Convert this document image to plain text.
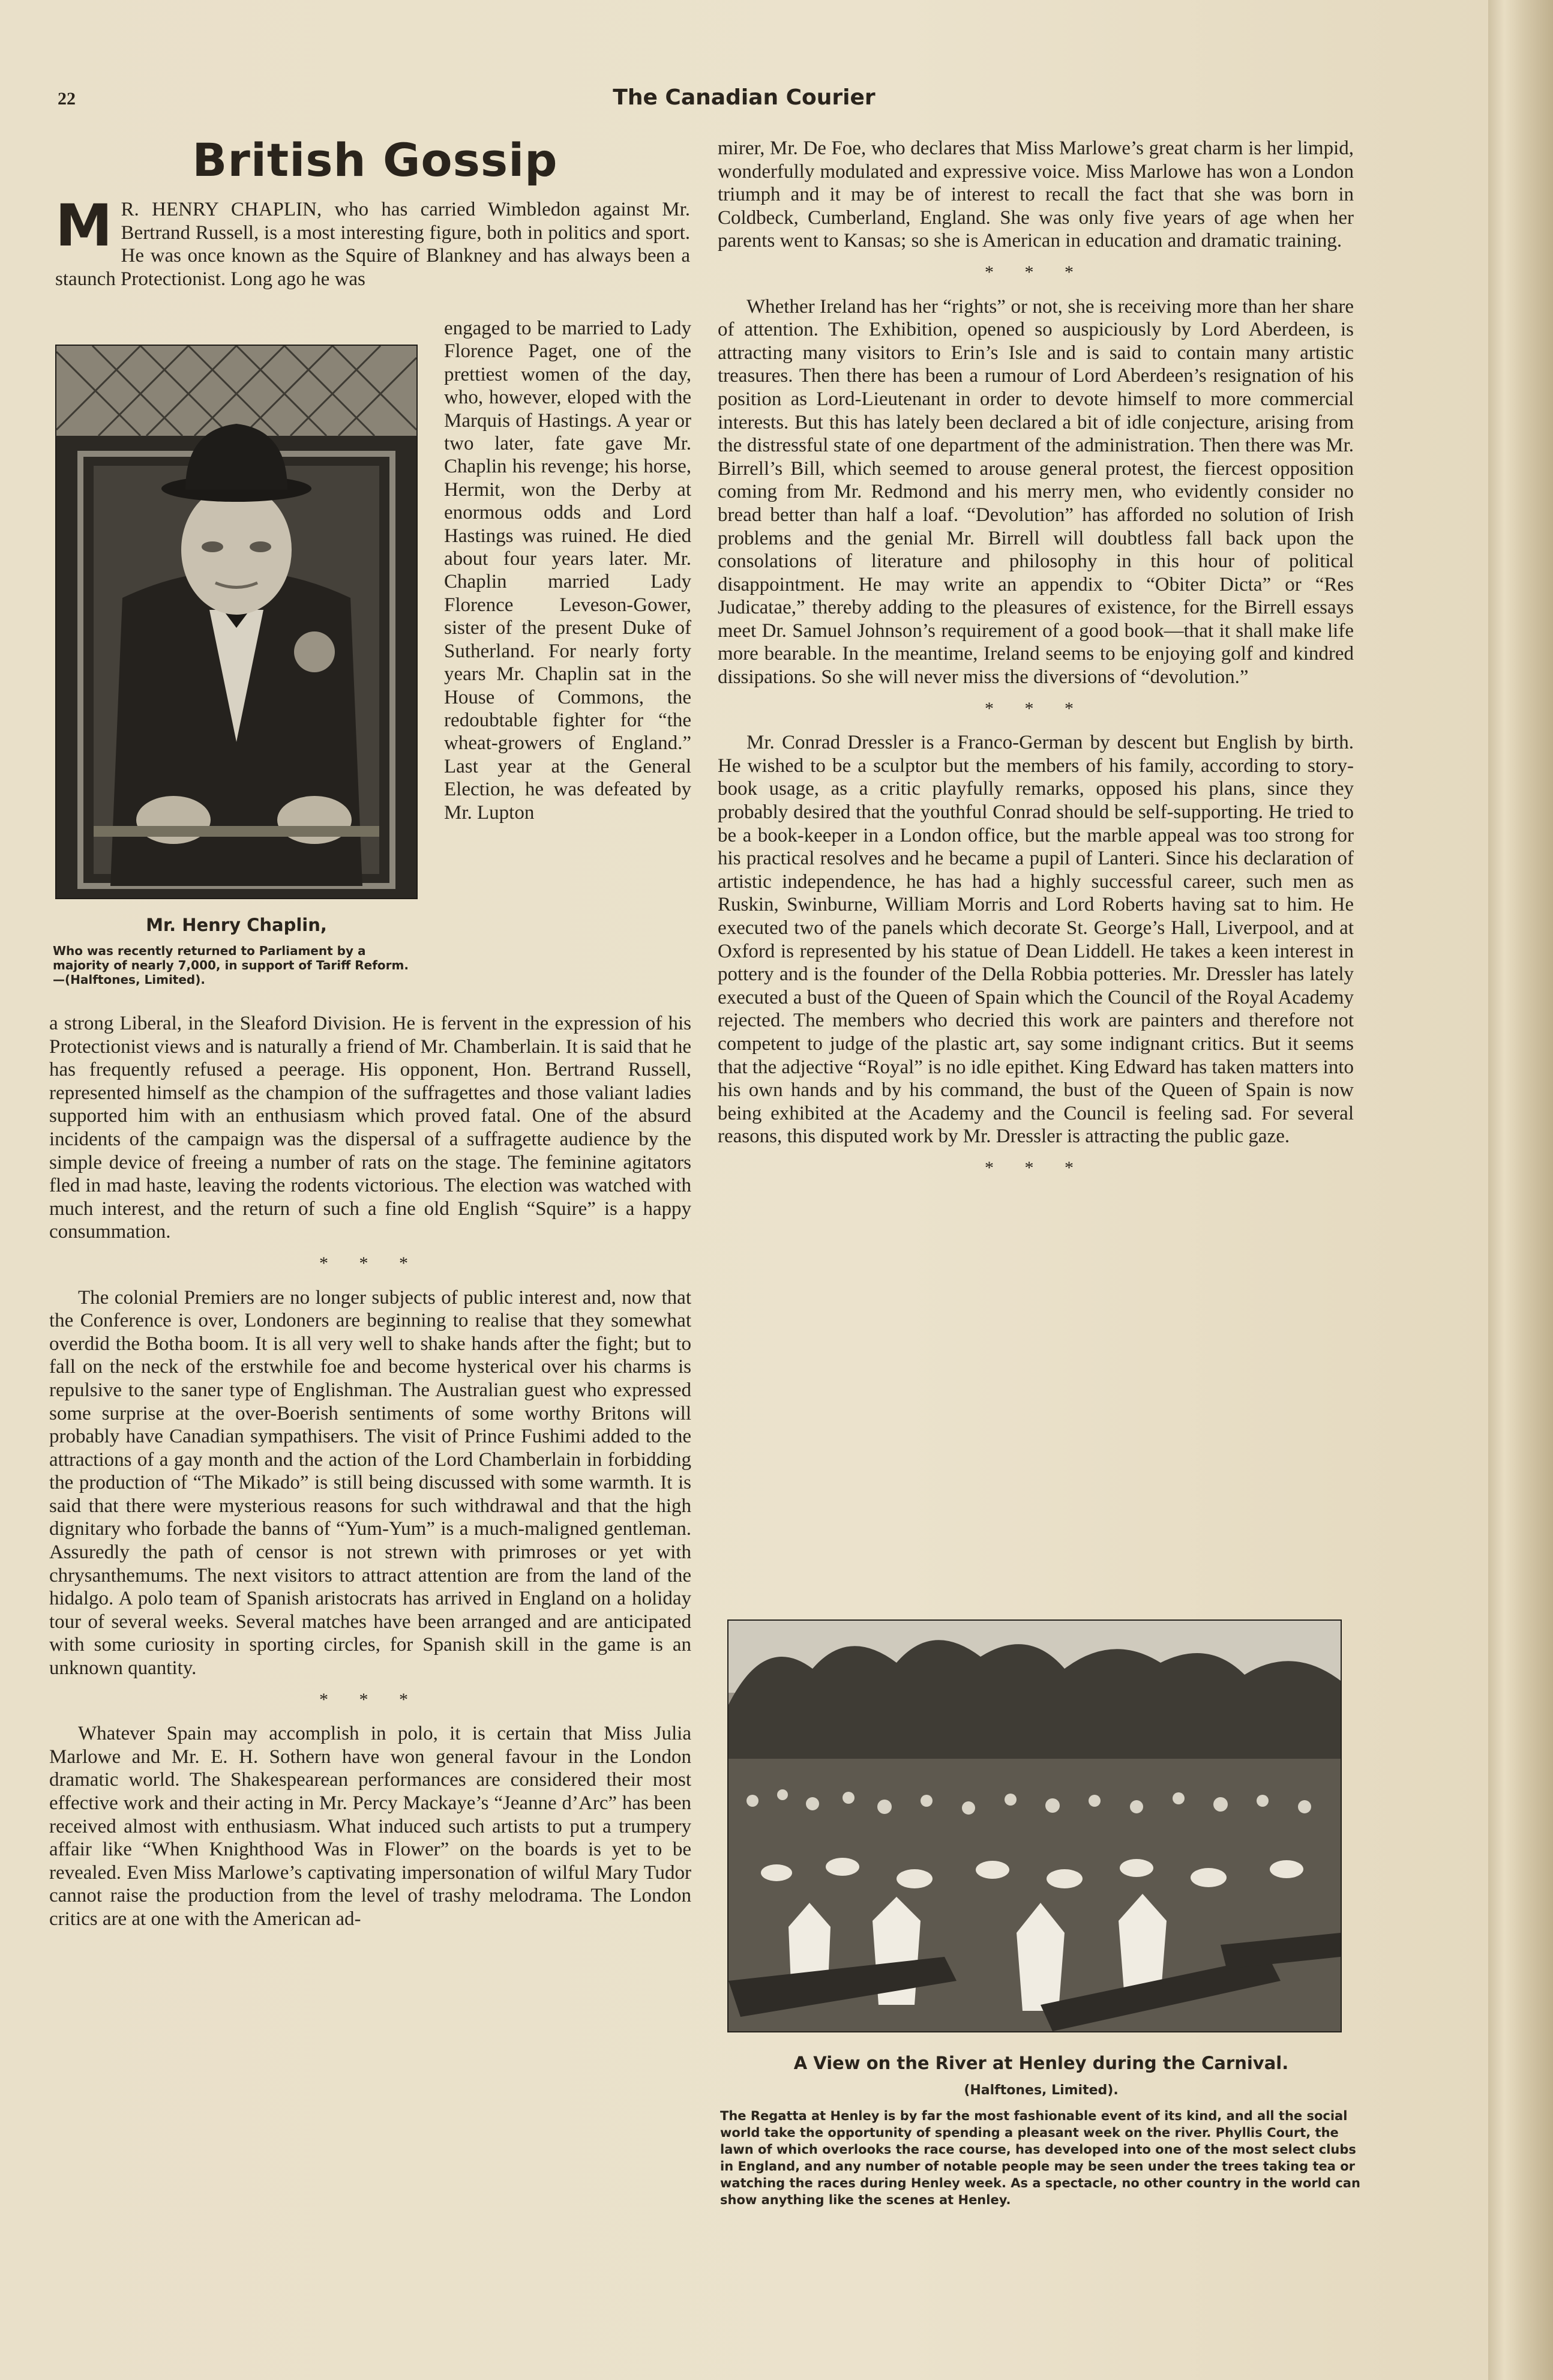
22	The Canadian Courier
British Gossip
M R. HENRY CHAPLIN, who has carried Wimbledon against Mr. Bertrand Russell, is a most interesting figure, both in politics and sport. He was once known as the Squire of Blankney and has always been a staunch Protectionist. Long ago he was

Mr. Henry Chaplin,
Who was recently returned to Parliament by a majority of nearly 7,000, in support of Tariff Reform.—(Halftones, Limited).

engaged to be married to Lady Florence Paget, one of the prettiest women of the day, who, however, eloped with the Marquis of Hastings. A year or two later, fate gave Mr. Chaplin his revenge; his horse, Hermit, won the Derby at enormous odds and Lord Hastings was ruined. He died about four years later. Mr. Chaplin married Lady Florence Leveson-Gower, sister of the present Duke of Sutherland. For nearly forty years Mr. Chaplin sat in the House of Commons, the redoubtable fighter for “the wheat-growers of England.” Last year at the General Election, he was defeated by Mr. Lupton

a strong Liberal, in the Sleaford Division. He is fervent in the expression of his Protectionist views and is naturally a friend of Mr. Chamberlain. It is said that he has frequently refused a peerage. His opponent, Hon. Bertrand Russell, represented himself as the champion of the suffragettes and those valiant ladies supported him with an enthusiasm which proved fatal. One of the absurd incidents of the campaign was the dispersal of a suffragette audience by the simple device of freeing a number of rats on the stage. The feminine agitators fled in mad haste, leaving the rodents victorious. The election was watched with much interest, and the return of such a fine old English “Squire” is a happy consummation.

* * *

The colonial Premiers are no longer subjects of public interest and, now that the Conference is over, Londoners are beginning to realise that they somewhat overdid the Botha boom. It is all very well to shake hands after the fight; but to fall on the neck of the erstwhile foe and become hysterical over his charms is repulsive to the saner type of Englishman. The Australian guest who expressed some surprise at the over-Boerish sentiments of some worthy Britons will probably have Canadian sympathisers. The visit of Prince Fushimi added to the attractions of a gay month and the action of the Lord Chamberlain in forbidding the production of “The Mikado” is still being discussed with some warmth. It is said that there were mysterious reasons for such withdrawal and that the high dignitary who forbade the banns of “Yum-Yum” is a much-maligned gentleman. Assuredly the path of censor is not strewn with primroses or yet with chrysanthemums. The next visitors to attract attention are from the land of the hidalgo. A polo team of Spanish aristocrats has arrived in England on a holiday tour of several weeks. Several matches have been arranged and are anticipated with some curiosity in sporting circles, for Spanish skill in the game is an unknown quantity.

* * *

Whatever Spain may accomplish in polo, it is certain that Miss Julia Marlowe and Mr. E. H. Sothern have won general favour in the London dramatic world. The Shakespearean performances are considered their most effective work and their acting in Mr. Percy Mackaye’s “Jeanne d’Arc” has been received almost with enthusiasm. What induced such artists to put a trumpery affair like “When Knighthood Was in Flower” on the boards is yet to be revealed. Even Miss Marlowe’s captivating impersonation of wilful Mary Tudor cannot raise the production from the level of trashy melodrama. The London critics are at one with the American ad-

mirer, Mr. De Foe, who declares that Miss Marlowe’s great charm is her limpid, wonderfully modulated and expressive voice. Miss Marlowe has won a London triumph and it may be of interest to recall the fact that she was born in Coldbeck, Cumberland, England. She was only five years of age when her parents went to Kansas; so she is American in education and dramatic training.

* * *

Whether Ireland has her “rights” or not, she is receiving more than her share of attention. The Exhibition, opened so auspiciously by Lord Aberdeen, is attracting many visitors to Erin’s Isle and is said to contain many artistic treasures. Then there has been a rumour of Lord Aberdeen’s resignation of his position as Lord-Lieutenant in order to devote himself to more commercial interests. But this has lately been declared a bit of idle conjecture, arising from the distressful state of one department of the administration. Then there was Mr. Birrell’s Bill, which seemed to arouse general protest, the fiercest opposition coming from Mr. Redmond and his merry men, who evidently consider no bread better than half a loaf. “Devolution” has afforded no solution of Irish problems and the genial Mr. Birrell will doubtless fall back upon the consolations of literature and philosophy in this hour of political disappointment. He may write an appendix to “Obiter Dicta” or “Res Judicatae,” thereby adding to the pleasures of existence, for the Birrell essays meet Dr. Samuel Johnson’s requirement of a good book—that it shall make life more bearable. In the meantime, Ireland seems to be enjoying golf and kindred dissipations. So she will never miss the diversions of “devolution.”

* * *

Mr. Conrad Dressler is a Franco-German by descent but English by birth. He wished to be a sculptor but the members of his family, according to story-book usage, as a critic playfully remarks, opposed his plans, since they probably desired that the youthful Conrad should be self-supporting. He tried to be a book-keeper in a London office, but the marble appeal was too strong for his practical resolves and he became a pupil of Lanteri. Since his declaration of artistic independence, he has had a highly successful career, such men as Ruskin, Swinburne, William Morris and Lord Roberts having sat to him. He executed two of the panels which decorate St. George’s Hall, Liverpool, and at Oxford is represented by his statue of Dean Liddell. He takes a keen interest in pottery and is the founder of the Della Robbia potteries. Mr. Dressler has lately executed a bust of the Queen of Spain which the Council of the Royal Academy rejected. The members who decried this work are painters and therefore not competent to judge of the plastic art, say some indignant critics. But it seems that the adjective “Royal” is no idle epithet. King Edward has taken matters into his own hands and by his command, the bust of the Queen of Spain is now being exhibited at the Academy and the Council is feeling sad. For several reasons, this disputed work by Mr. Dressler is attracting the public gaze.

* * *
A View on the River at Henley during the Carnival.
(Halftones, Limited).
The Regatta at Henley is by far the most fashionable event of its kind, and all the social world take the opportunity of spending a pleasant week on the river. Phyllis Court, the lawn of which overlooks the race course, has developed into one of the most select clubs in England, and any number of notable people may be seen under the trees taking tea or watching the races during Henley week. As a spectacle, no other country in the world can show anything like the scenes at Henley.
